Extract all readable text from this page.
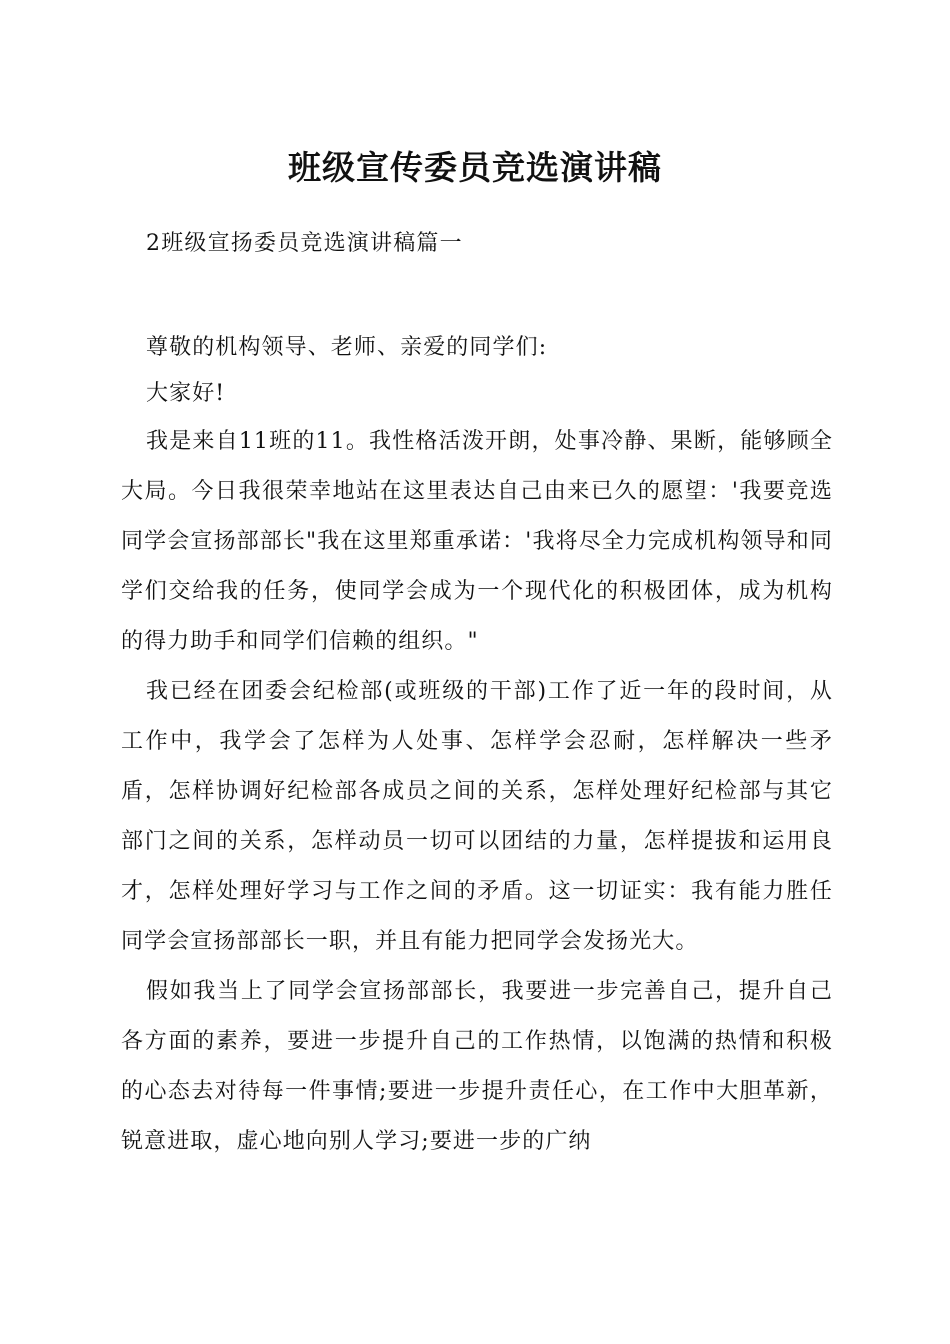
班级宣传委员竞选演讲稿
2班级宣扬委员竞选演讲稿篇一

尊敬的机构领导、老师、亲爱的同学们:

大家好!

我是来自11班的11。我性格活泼开朗，处事冷静、果断，能够顾全大局。今日我很荣幸地站在这里表达自己由来已久的愿望：'我要竞选同学会宣扬部部长"我在这里郑重承诺：'我将尽全力完成机构领导和同学们交给我的任务，使同学会成为一个现代化的积极团体，成为机构的得力助手和同学们信赖的组织。"

我已经在团委会纪检部(或班级的干部)工作了近一年的段时间，从工作中，我学会了怎样为人处事、怎样学会忍耐，怎样解决一些矛盾，怎样协调好纪检部各成员之间的关系，怎样处理好纪检部与其它部门之间的关系，怎样动员一切可以团结的力量，怎样提拔和运用良才，怎样处理好学习与工作之间的矛盾。这一切证实：我有能力胜任同学会宣扬部部长一职，并且有能力把同学会发扬光大。

假如我当上了同学会宣扬部部长，我要进一步完善自己，提升自己各方面的素养，要进一步提升自己的工作热情，以饱满的热情和积极的心态去对待每一件事情;要进一步提升责任心，在工作中大胆革新，锐意进取，虚心地向别人学习;要进一步的广纳
